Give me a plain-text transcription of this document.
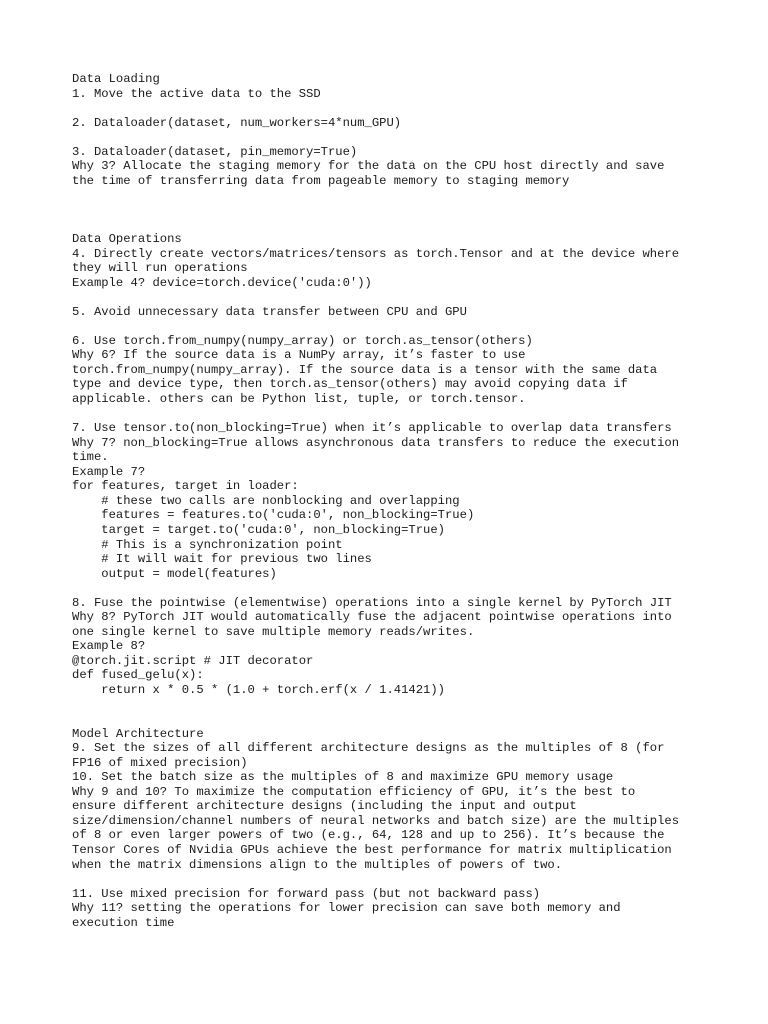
Data Loading
1. Move the active data to the SSD
2. Dataloader(dataset, num_workers=4*num_GPU)
3. Dataloader(dataset, pin_memory=True)
Why 3? Allocate the staging memory for the data on the CPU host directly and save
the time of transferring data from pageable memory to staging memory
Data Operations
4. Directly create vectors/matrices/tensors as torch.Tensor and at the device where
they will run operations
Example 4? device=torch.device('cuda:0'))
5. Avoid unnecessary data transfer between CPU and GPU
6. Use torch.from_numpy(numpy_array) or torch.as_tensor(others)
Why 6? If the source data is a NumPy array, it’s faster to use
torch.from_numpy(numpy_array). If the source data is a tensor with the same data
type and device type, then torch.as_tensor(others) may avoid copying data if
applicable. others can be Python list, tuple, or torch.tensor.
7. Use tensor.to(non_blocking=True) when it’s applicable to overlap data transfers
Why 7? non_blocking=True allows asynchronous data transfers to reduce the execution
time.
Example 7?
for features, target in loader:
# these two calls are nonblocking and overlapping
features = features.to('cuda:0', non_blocking=True)
target = target.to('cuda:0', non_blocking=True)
# This is a synchronization point
# It will wait for previous two lines
output = model(features)
8. Fuse the pointwise (elementwise) operations into a single kernel by PyTorch JIT
Why 8? PyTorch JIT would automatically fuse the adjacent pointwise operations into
one single kernel to save multiple memory reads/writes.
Example 8?
@torch.jit.script # JIT decorator
def fused_gelu(x):
return x * 0.5 * (1.0 + torch.erf(x / 1.41421))
Model Architecture
9. Set the sizes of all different architecture designs as the multiples of 8 (for
FP16 of mixed precision)
10. Set the batch size as the multiples of 8 and maximize GPU memory usage
Why 9 and 10? To maximize the computation efficiency of GPU, it’s the best to
ensure different architecture designs (including the input and output
size/dimension/channel numbers of neural networks and batch size) are the multiples
of 8 or even larger powers of two (e.g., 64, 128 and up to 256). It’s because the
Tensor Cores of Nvidia GPUs achieve the best performance for matrix multiplication
when the matrix dimensions align to the multiples of powers of two.
11. Use mixed precision for forward pass (but not backward pass)
Why 11? setting the operations for lower precision can save both memory and
execution time
